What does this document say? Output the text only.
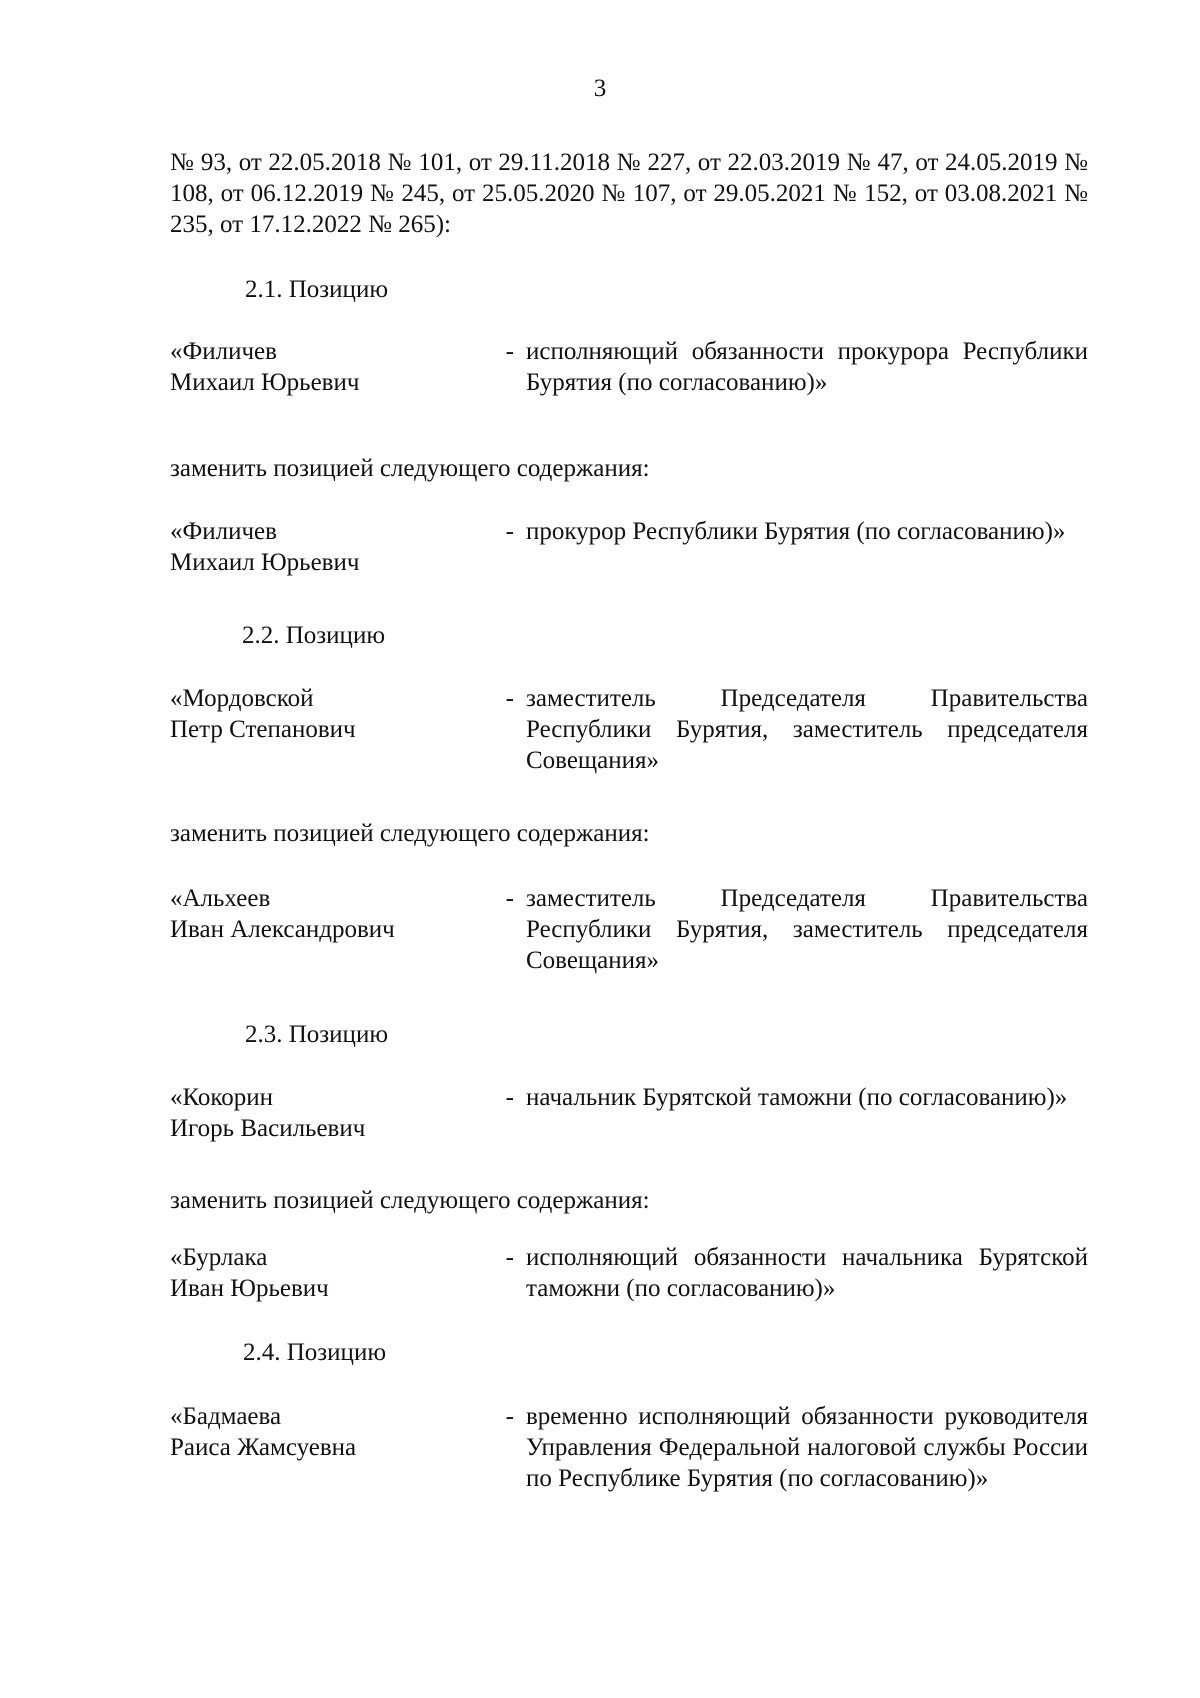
3
№ 93, от 22.05.2018 № 101, от 29.11.2018 № 227, от 22.03.2019 № 47, от 24.05.2019 № 108, от 06.12.2019 № 245, от 25.05.2020 № 107, от 29.05.2021 № 152, от 03.08.2021 № 235, от 17.12.2022 № 265):
2.1. Позицию
«Филичев
Михаил Юрьевич
- исполняющий обязанности прокурора Республики Бурятия (по согласованию)»
заменить позицией следующего содержания:
«Филичев
Михаил Юрьевич
- прокурор Республики Бурятия (по согласованию)»
2.2. Позицию
«Мордовской
Петр Степанович
- заместитель Председателя Правительства Республики Бурятия, заместитель председателя Совещания»
заменить позицией следующего содержания:
«Альхеев
Иван Александрович
- заместитель Председателя Правительства Республики Бурятия, заместитель председателя Совещания»
2.3. Позицию
«Кокорин
Игорь Васильевич
- начальник Бурятской таможни (по согласованию)»
заменить позицией следующего содержания:
«Бурлака
Иван Юрьевич
- исполняющий обязанности начальника Бурятской таможни (по согласованию)»
2.4. Позицию
«Бадмаева
Раиса Жамсуевна
- временно исполняющий обязанности руководителя Управления Федеральной налоговой службы России по Республике Бурятия (по согласованию)»
